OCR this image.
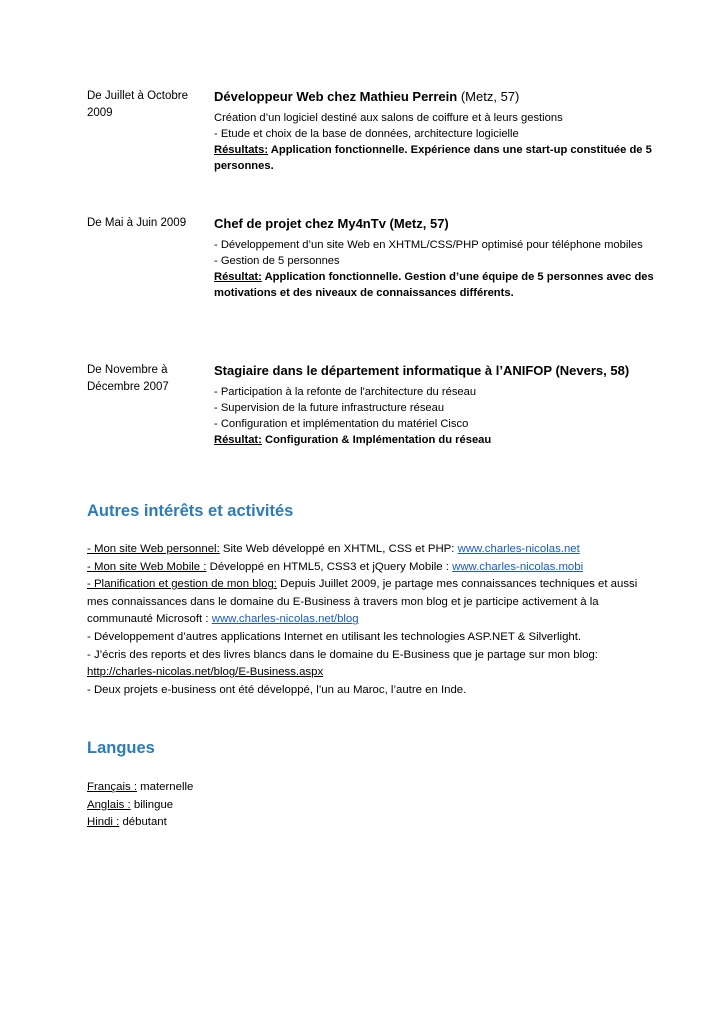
De Juillet à Octobre 2009
Développeur Web chez Mathieu Perrein (Metz, 57)
Création d’un logiciel destiné aux salons de coiffure et à leurs gestions
- Etude et choix de la base de données, architecture logicielle
Résultats: Application fonctionnelle. Expérience dans une start-up constituée de 5 personnes.
De Mai à Juin 2009	Chef de projet chez My4nTv (Metz, 57)
- Développement d’un site Web en XHTML/CSS/PHP optimisé pour téléphone mobiles
- Gestion de 5 personnes
Résultat: Application fonctionnelle. Gestion d’une équipe de 5 personnes avec des motivations et des niveaux de connaissances différents.
De Novembre à Décembre 2007
Stagiaire dans le département informatique à l’ANIFOP (Nevers, 58)
- Participation à la refonte de l'architecture du réseau
- Supervision de la future infrastructure réseau
- Configuration et implémentation du matériel Cisco
Résultat: Configuration & Implémentation du réseau
Autres intérêts et activités
- Mon site Web personnel: Site Web développé en XHTML, CSS et PHP: www.charles-nicolas.net
- Mon site Web Mobile : Développé en HTML5, CSS3 et jQuery Mobile : www.charles-nicolas.mobi
- Planification et gestion de mon blog: Depuis Juillet 2009, je partage mes connaissances techniques et aussi
mes connaissances dans le domaine du E-Business à travers mon blog et je participe activement à la
communauté Microsoft : www.charles-nicolas.net/blog
- Développement d’autres applications Internet en utilisant les technologies ASP.NET & Silverlight.
- J’écris des reports et des livres blancs dans le domaine du E-Business que je partage sur mon blog:
http://charles-nicolas.net/blog/E-Business.aspx
- Deux projets e-business ont été développé, l’un au Maroc, l’autre en Inde.
Langues
Français : maternelle
Anglais : bilingue
Hindi : débutant
